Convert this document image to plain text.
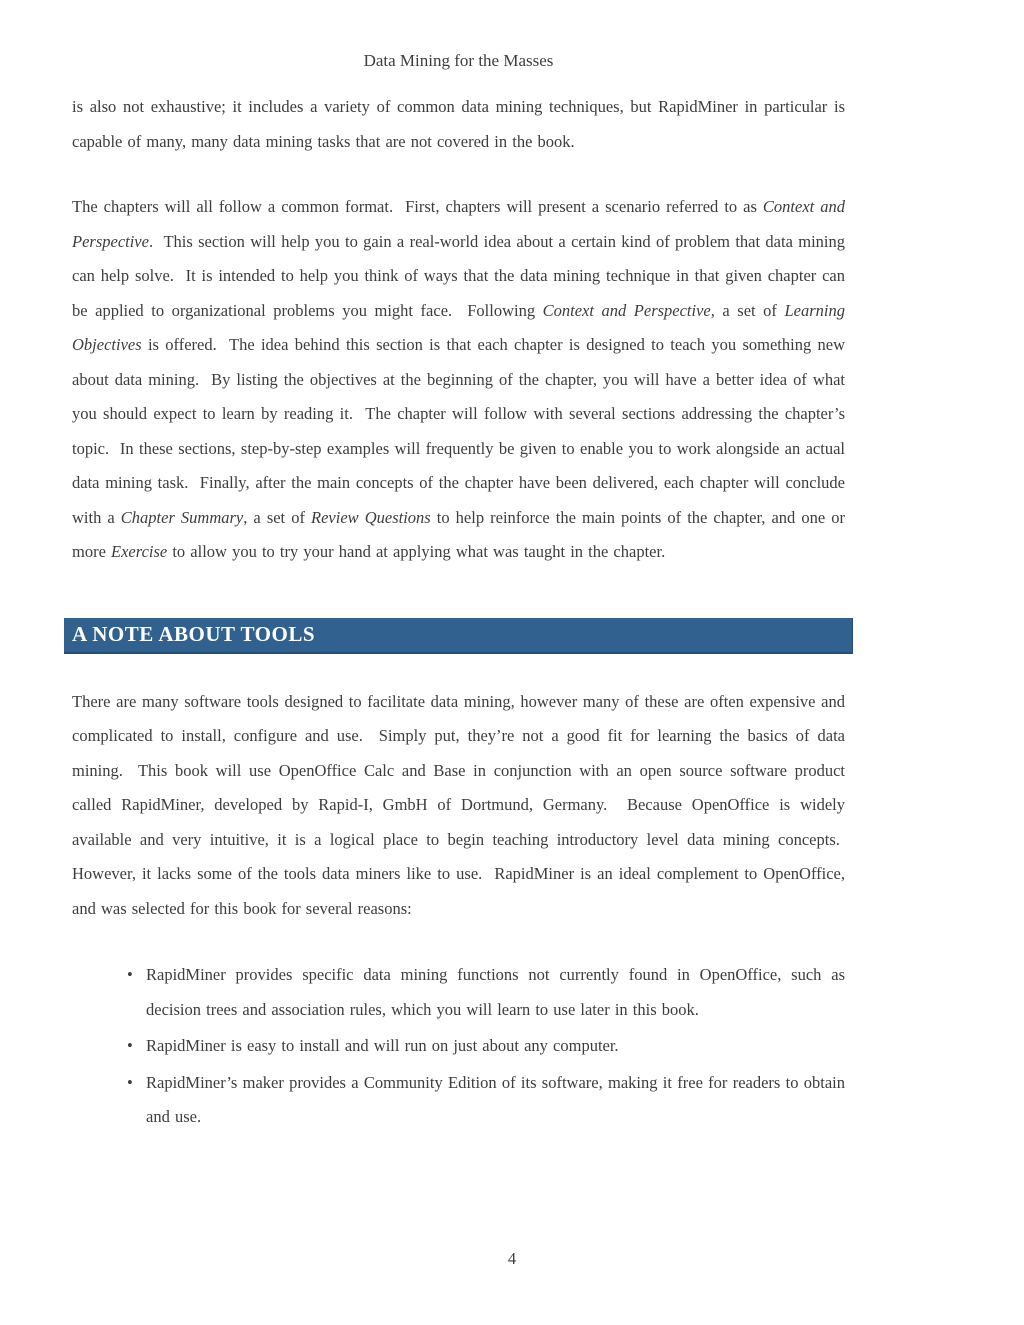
Data Mining for the Masses

is also not exhaustive; it includes a variety of common data mining techniques, but RapidMiner in particular is capable of many, many data mining tasks that are not covered in the book.

The chapters will all follow a common format.  First, chapters will present a scenario referred to as Context and Perspective.  This section will help you to gain a real-world idea about a certain kind of problem that data mining can help solve.  It is intended to help you think of ways that the data mining technique in that given chapter can be applied to organizational problems you might face.  Following Context and Perspective, a set of Learning Objectives is offered.  The idea behind this section is that each chapter is designed to teach you something new about data mining.  By listing the objectives at the beginning of the chapter, you will have a better idea of what you should expect to learn by reading it.  The chapter will follow with several sections addressing the chapter’s topic.  In these sections, step-by-step examples will frequently be given to enable you to work alongside an actual data mining task.  Finally, after the main concepts of the chapter have been delivered, each chapter will conclude with a Chapter Summary, a set of Review Questions to help reinforce the main points of the chapter, and one or more Exercise to allow you to try your hand at applying what was taught in the chapter.

A NOTE ABOUT TOOLS

There are many software tools designed to facilitate data mining, however many of these are often expensive and complicated to install, configure and use.  Simply put, they’re not a good fit for learning the basics of data mining.  This book will use OpenOffice Calc and Base in conjunction with an open source software product called RapidMiner, developed by Rapid-I, GmbH of Dortmund, Germany.  Because OpenOffice is widely available and very intuitive, it is a logical place to begin teaching introductory level data mining concepts.  However, it lacks some of the tools data miners like to use.  RapidMiner is an ideal complement to OpenOffice, and was selected for this book for several reasons:

• RapidMiner provides specific data mining functions not currently found in OpenOffice, such as decision trees and association rules, which you will learn to use later in this book.
• RapidMiner is easy to install and will run on just about any computer.
• RapidMiner’s maker provides a Community Edition of its software, making it free for readers to obtain and use.
4
